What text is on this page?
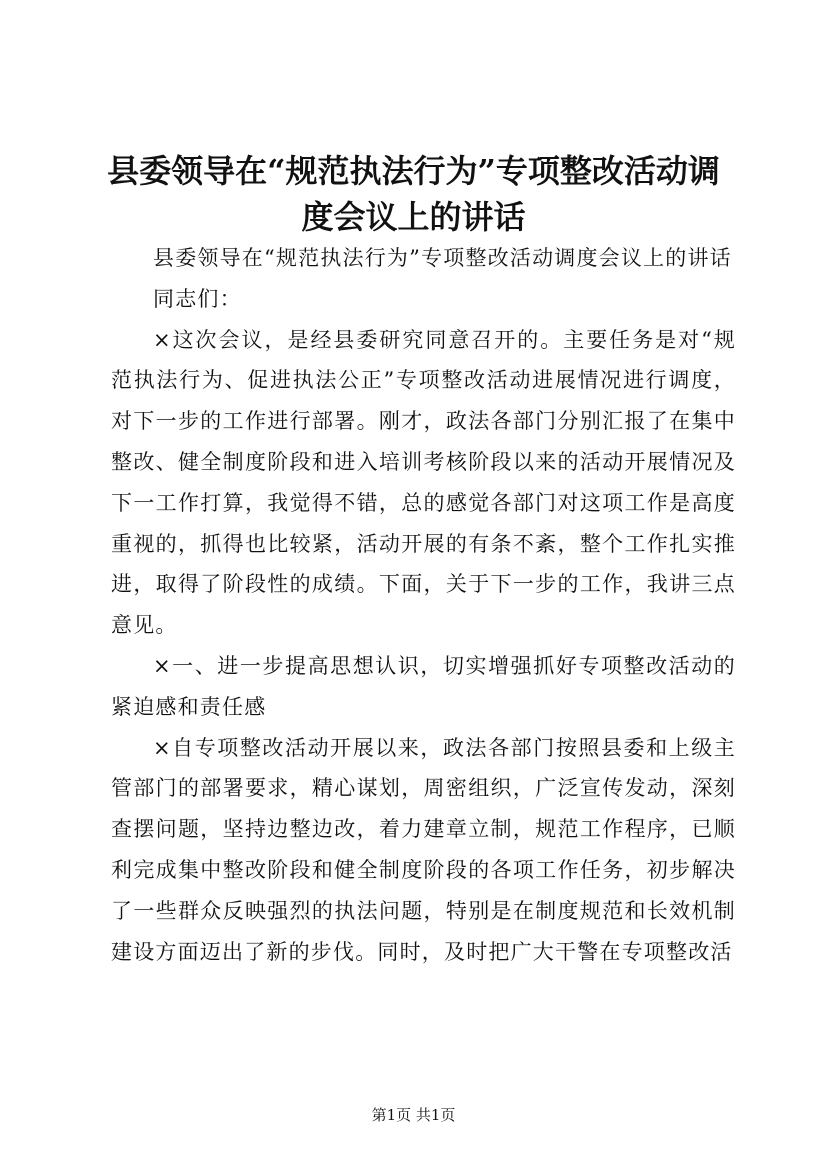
县委领导在“规范执法行为”专项整改活动调度会议上的讲话

县委领导在“规范执法行为”专项整改活动调度会议上的讲话

同志们：

×这次会议，是经县委研究同意召开的。主要任务是对“规范执法行为、促进执法公正”专项整改活动进展情况进行调度，对下一步的工作进行部署。刚才，政法各部门分别汇报了在集中整改、健全制度阶段和进入培训考核阶段以来的活动开展情况及下一工作打算，我觉得不错，总的感觉各部门对这项工作是高度重视的，抓得也比较紧，活动开展的有条不紊，整个工作扎实推进，取得了阶段性的成绩。下面，关于下一步的工作，我讲三点意见。

×一、进一步提高思想认识，切实增强抓好专项整改活动的紧迫感和责任感

×自专项整改活动开展以来，政法各部门按照县委和上级主管部门的部署要求，精心谋划，周密组织，广泛宣传发动，深刻查摆问题，坚持边整边改，着力建章立制，规范工作程序，已顺利完成集中整改阶段和健全制度阶段的各项工作任务，初步解决了一些群众反映强烈的执法问题，特别是在制度规范和长效机制建设方面迈出了新的步伐。同时，及时把广大干警在专项整改活

第1页 共1页
